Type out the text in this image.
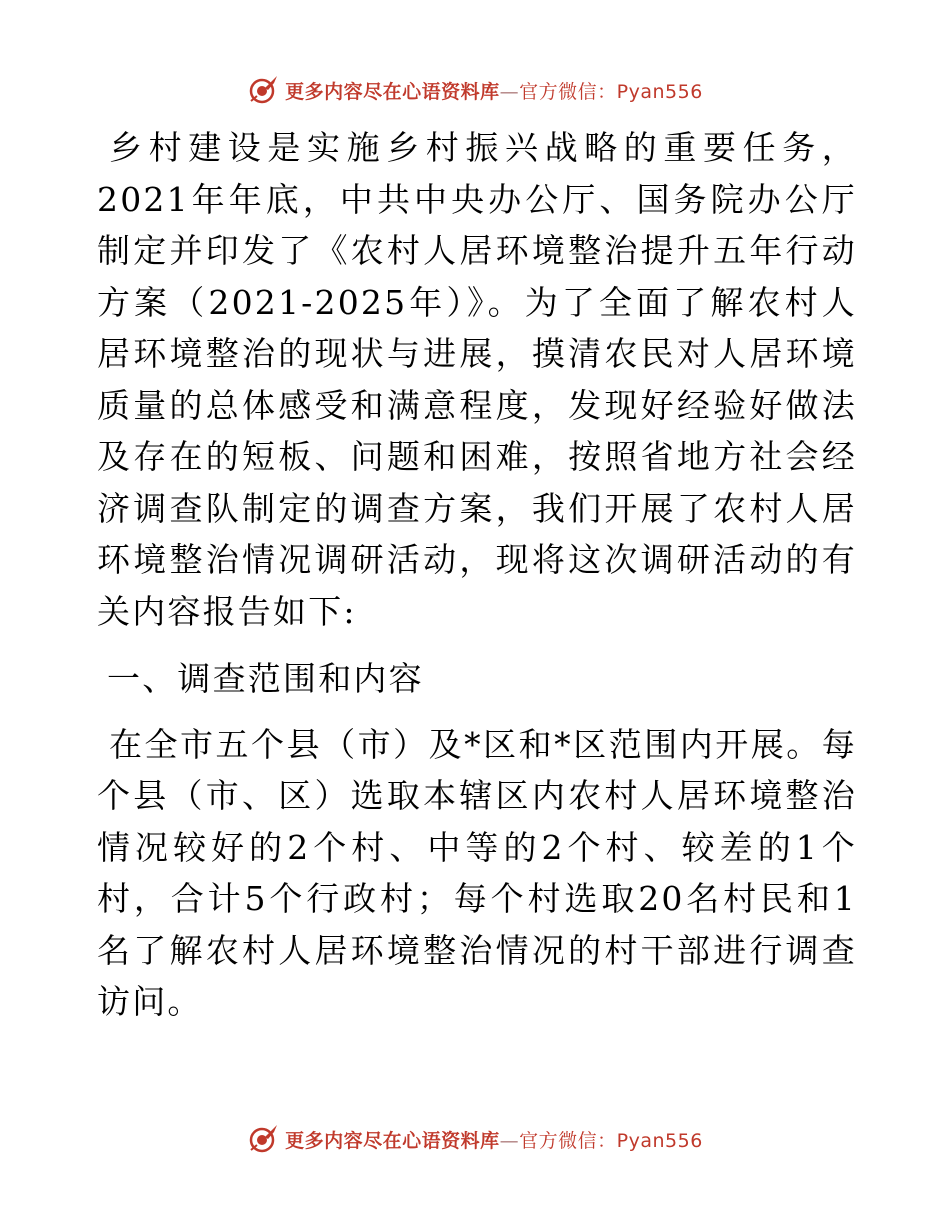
更多内容尽在心语资料库—官方微信：Pyan556

乡村建设是实施乡村振兴战略的重要任务，2021年年底，中共中央办公厅、国务院办公厅制定并印发了《农村人居环境整治提升五年行动方案（2021-2025年）》。为了全面了解农村人居环境整治的现状与进展，摸清农民对人居环境质量的总体感受和满意程度，发现好经验好做法及存在的短板、问题和困难，按照省地方社会经济调查队制定的调查方案，我们开展了农村人居环境整治情况调研活动，现将这次调研活动的有关内容报告如下:

一、调查范围和内容

在全市五个县（市）及*区和*区范围内开展。每个县（市、区）选取本辖区内农村人居环境整治情况较好的2个村、中等的2个村、较差的1个村，合计5个行政村；每个村选取20名村民和1名了解农村人居环境整治情况的村干部进行调查访问。

更多内容尽在心语资料库—官方微信：Pyan556
